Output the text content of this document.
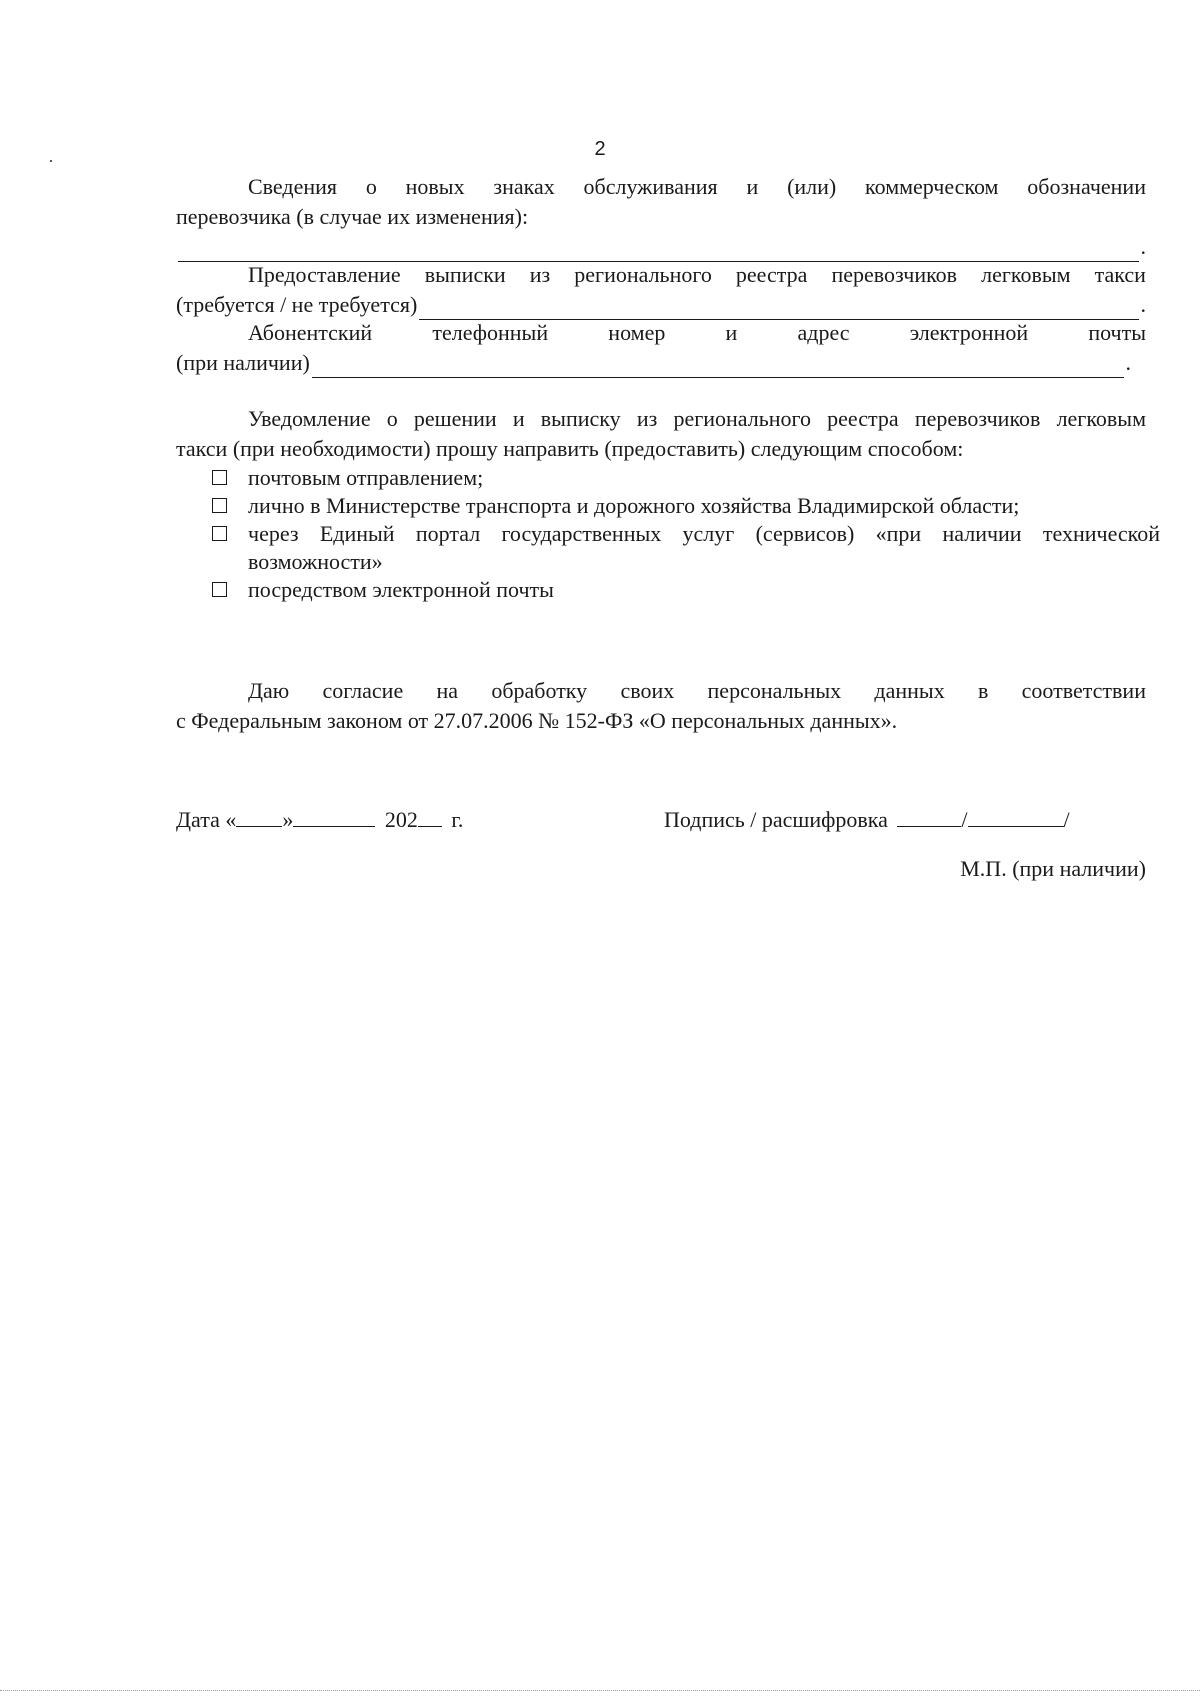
2
Сведения о новых знаках обслуживания и (или) коммерческом обозначении
перевозчика (в случае их изменения):
.
Предоставление выписки из регионального реестра перевозчиков легковым такси
(требуется / не требуется)	.
Абонентский	телефонный	номер	и	адрес	электронной	почты
(при наличии)	.
Уведомление о решении и выписку из регионального реестра перевозчиков легковым
такси (при необходимости) прошу направить (предоставить) следующим способом:
почтовым отправлением;
лично в Министерстве транспорта и дорожного хозяйства Владимирской области;
через Единый портал государственных услуг (сервисов) «при наличии технической
возможности»
посредством электронной почты
Даю согласие на обработку своих персональных данных в соответствии
с Федеральным законом от 27.07.2006 № 152-ФЗ «О персональных данных».
Дата « »	202 г.	Подпись / расшифровка	/	/
М.П. (при наличии)
